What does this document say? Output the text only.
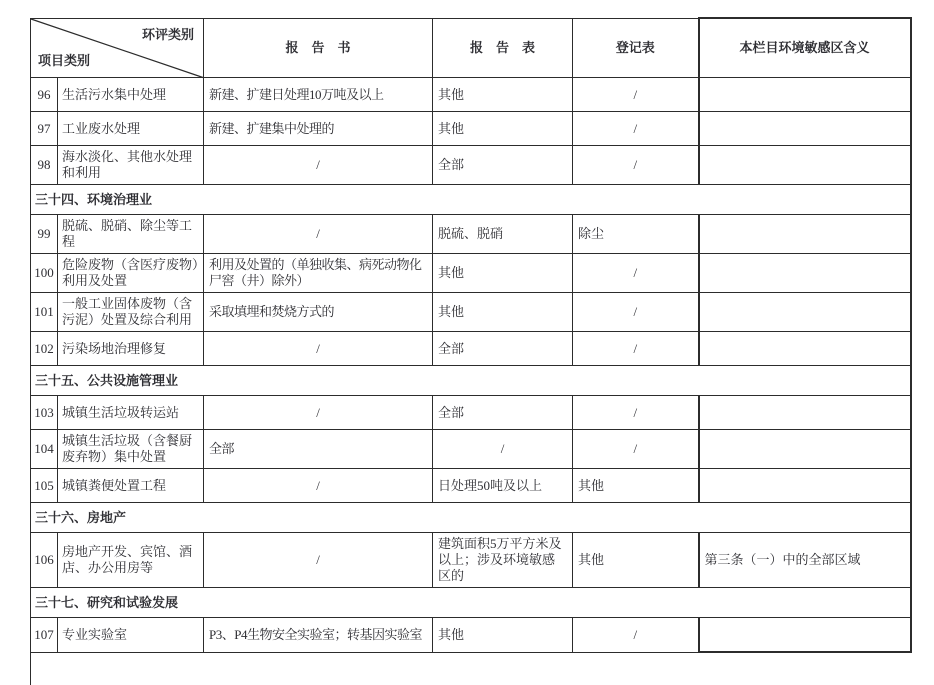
环评类别
项目类别		报　告　书	报　告　表	登记表	本栏目环境敏感区含义
96	生活污水集中处理	新建、扩建日处理10万吨及以上	其他	/	
97	工业废水处理	新建、扩建集中处理的	其他	/	
98	海水淡化、其他水处理和利用	/	全部	/	
三十四、环境治理业					
99	脱硫、脱硝、除尘等工程	/	脱硫、脱硝	除尘	
100	危险废物（含医疗废物）利用及处置	利用及处置的（单独收集、病死动物化尸窖（井）除外）	其他	/	
101	一般工业固体废物（含污泥）处置及综合利用	采取填埋和焚烧方式的	其他	/	
102	污染场地治理修复	/	全部	/	
三十五、公共设施管理业					
103	城镇生活垃圾转运站	/	全部	/	
104	城镇生活垃圾（含餐厨废弃物）集中处置	全部	/	/	
105	城镇粪便处置工程	/	日处理50吨及以上	其他	
三十六、房地产					
106	房地产开发、宾馆、酒店、办公用房等	/	建筑面积5万平方米及以上；涉及环境敏感区的	其他	第三条（一）中的全部区域
三十七、研究和试验发展					
107	专业实验室	P3、P4生物安全实验室；转基因实验室	其他	/	
